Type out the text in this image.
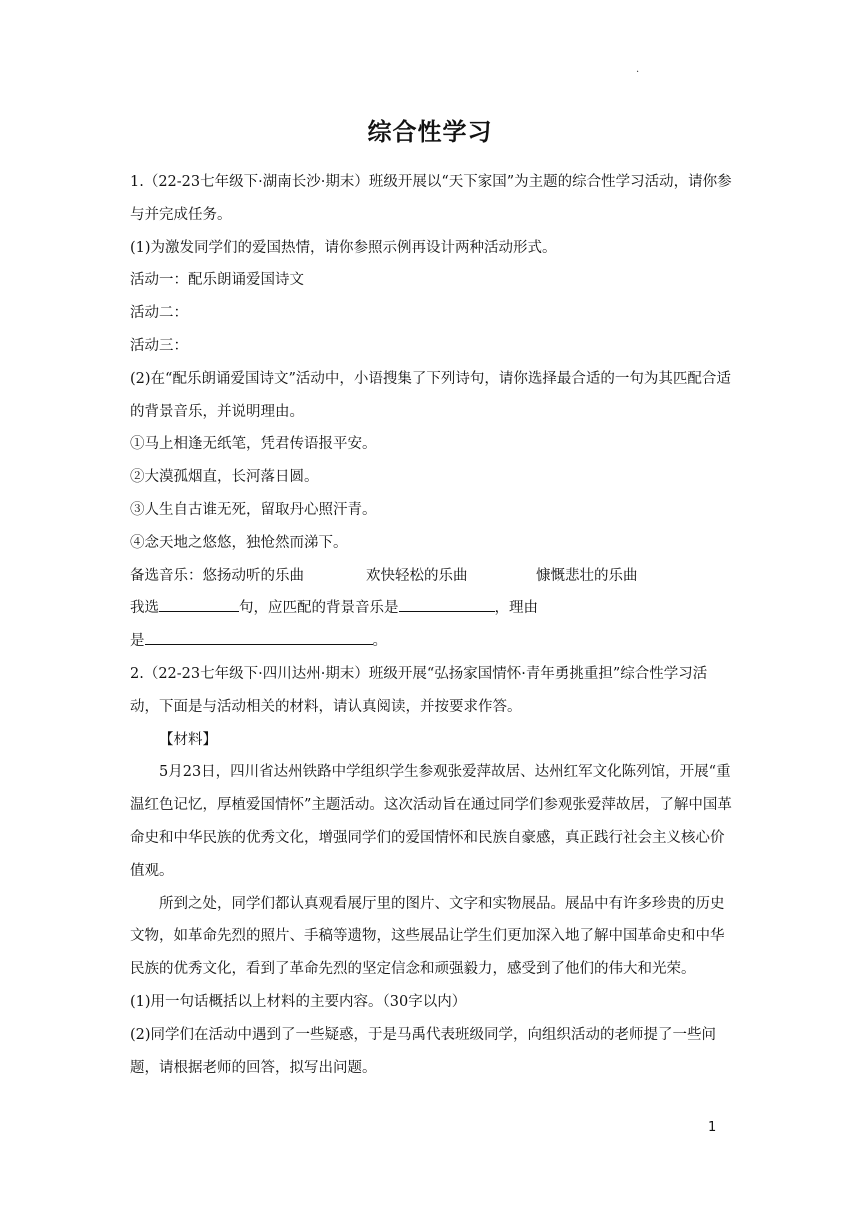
.
综合性学习

1.（22-23七年级下·湖南长沙·期末）班级开展以“天下家国”为主题的综合性学习活动，请你参与并完成任务。

(1)为激发同学们的爱国热情，请你参照示例再设计两种活动形式。

活动一：配乐朗诵爱国诗文

活动二：

活动三：

(2)在“配乐朗诵爱国诗文”活动中，小语搜集了下列诗句，请你选择最合适的一句为其匹配合适的背景音乐，并说明理由。

①马上相逢无纸笔，凭君传语报平安。

②大漠孤烟直，长河落日圆。

③人生自古谁无死，留取丹心照汗青。

④念天地之悠悠，独怆然而涕下。

备选音乐：悠扬动听的乐曲	欢快轻松的乐曲	慷慨悲壮的乐曲

我选	句，应匹配的背景音乐是	，理由

是	。

2.（22-23七年级下·四川达州·期末）班级开展“弘扬家国情怀·青年勇挑重担”综合性学习活动，下面是与活动相关的材料，请认真阅读，并按要求作答。

【材料】

5月23日，四川省达州铁路中学组织学生参观张爱萍故居、达州红军文化陈列馆，开展“重温红色记忆，厚植爱国情怀”主题活动。这次活动旨在通过同学们参观张爱萍故居，了解中国革命史和中华民族的优秀文化，增强同学们的爱国情怀和民族自豪感，真正践行社会主义核心价值观。

所到之处，同学们都认真观看展厅里的图片、文字和实物展品。展品中有许多珍贵的历史文物，如革命先烈的照片、手稿等遗物，这些展品让学生们更加深入地了解中国革命史和中华民族的优秀文化，看到了革命先烈的坚定信念和顽强毅力，感受到了他们的伟大和光荣。

(1)用一句话概括以上材料的主要内容。（30字以内）

(2)同学们在活动中遇到了一些疑惑，于是马禹代表班级同学，向组织活动的老师提了一些问题，请根据老师的回答，拟写出问题。

1
